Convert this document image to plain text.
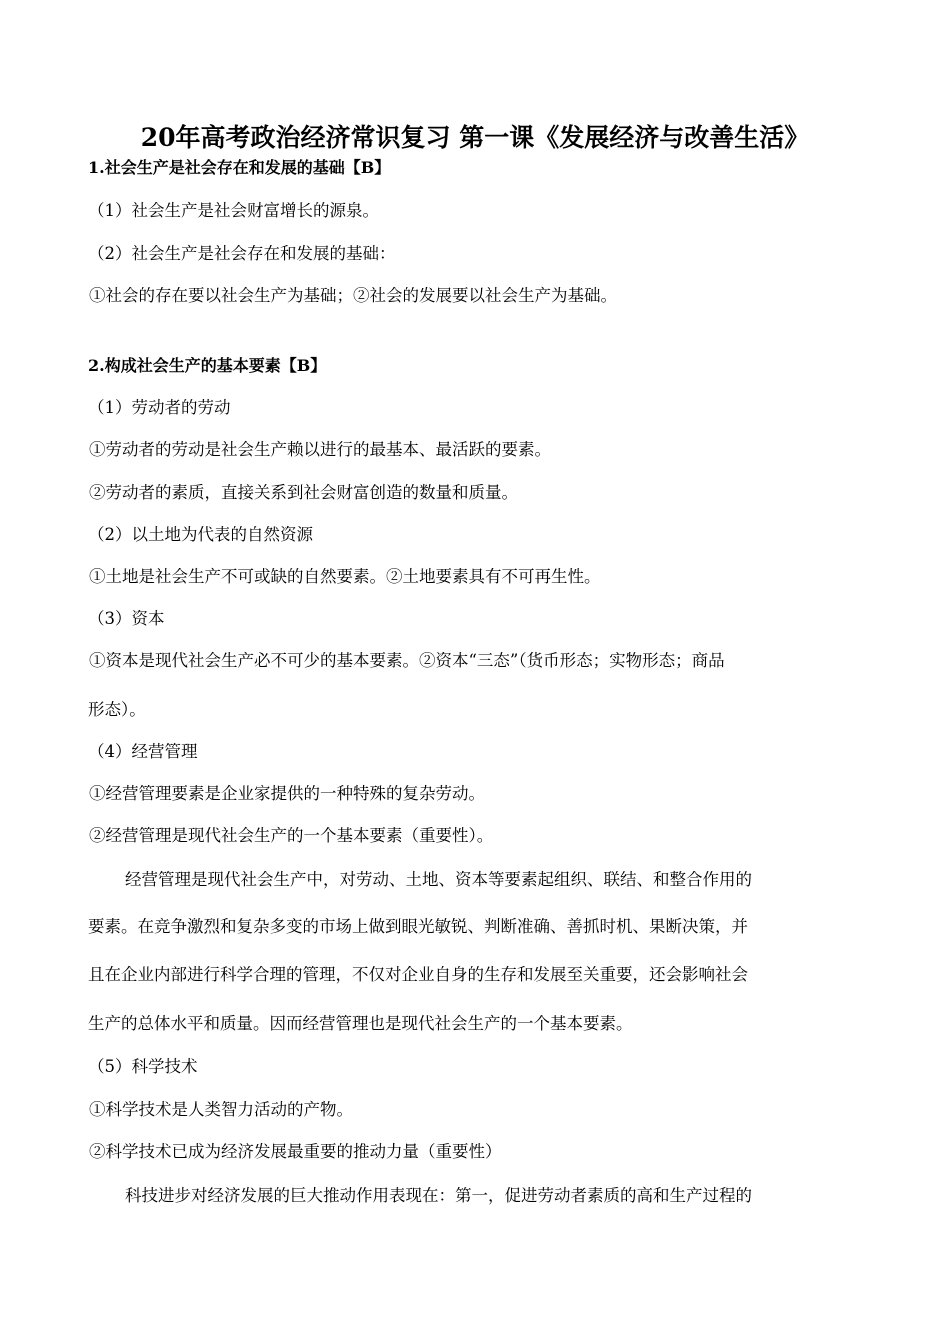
20年高考政治经济常识复习 第一课《发展经济与改善生活》
1.社会生产是社会存在和发展的基础【B】
（1）社会生产是社会财富增长的源泉。
（2）社会生产是社会存在和发展的基础：
①社会的存在要以社会生产为基础；②社会的发展要以社会生产为基础。
2.构成社会生产的基本要素【B】
（1）劳动者的劳动
①劳动者的劳动是社会生产赖以进行的最基本、最活跃的要素。
②劳动者的素质，直接关系到社会财富创造的数量和质量。
（2）以土地为代表的自然资源
①土地是社会生产不可或缺的自然要素。②土地要素具有不可再生性。
（3）资本
①资本是现代社会生产必不可少的基本要素。②资本“三态”（货币形态；实物形态；商品
形态）。
（4）经营管理
①经营管理要素是企业家提供的一种特殊的复杂劳动。
②经营管理是现代社会生产的一个基本要素（重要性）。
经营管理是现代社会生产中，对劳动、土地、资本等要素起组织、联结、和整合作用的
要素。在竞争激烈和复杂多变的市场上做到眼光敏锐、判断准确、善抓时机、果断决策，并
且在企业内部进行科学合理的管理，不仅对企业自身的生存和发展至关重要，还会影响社会
生产的总体水平和质量。因而经营管理也是现代社会生产的一个基本要素。
（5）科学技术
①科学技术是人类智力活动的产物。
②科学技术已成为经济发展最重要的推动力量（重要性）
科技进步对经济发展的巨大推动作用表现在：第一，促进劳动者素质的高和生产过程的
